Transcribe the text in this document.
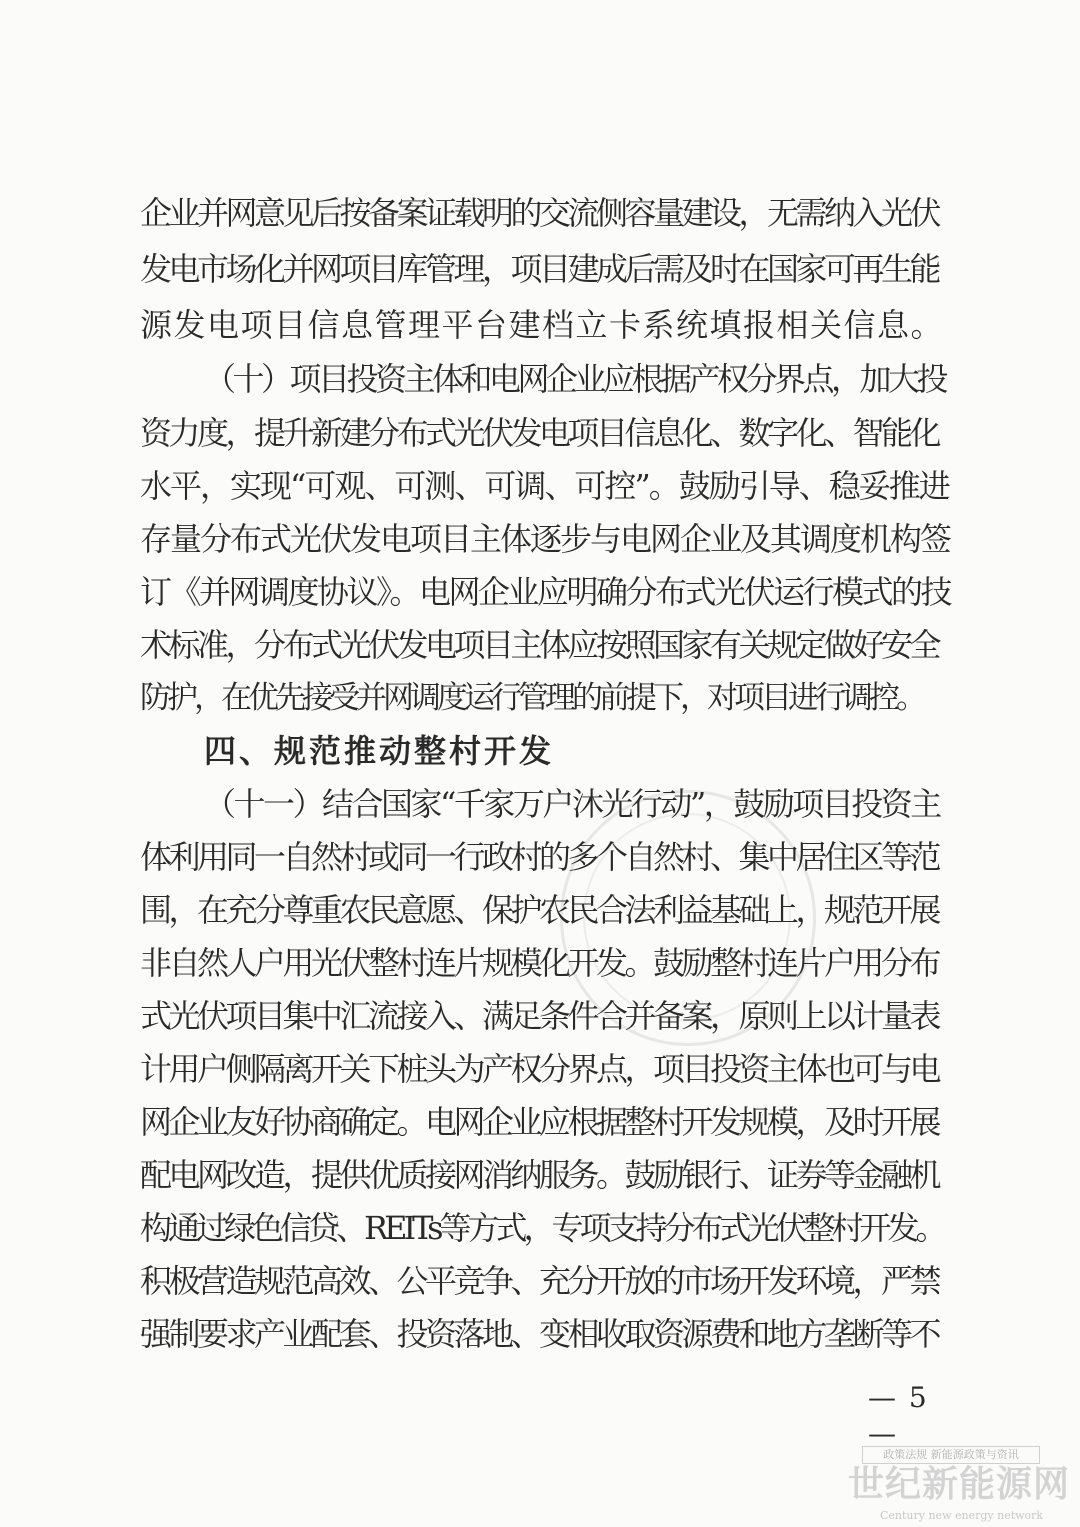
企业并网意见后按备案证载明的交流侧容量建设，无需纳入光伏
发电市场化并网项目库管理，项目建成后需及时在国家可再生能
源发电项目信息管理平台建档立卡系统填报相关信息。
（十）项目投资主体和电网企业应根据产权分界点，加大投
资力度，提升新建分布式光伏发电项目信息化、数字化、智能化
水平，实现“可观、可测、可调、可控”。鼓励引导、稳妥推进
存量分布式光伏发电项目主体逐步与电网企业及其调度机构签
订《并网调度协议》。电网企业应明确分布式光伏运行模式的技
术标准，分布式光伏发电项目主体应按照国家有关规定做好安全
防护，在优先接受并网调度运行管理的前提下，对项目进行调控。
四、规范推动整村开发
（十一）结合国家“千家万户沐光行动”，鼓励项目投资主
体利用同一自然村或同一行政村的多个自然村、集中居住区等范
围，在充分尊重农民意愿、保护农民合法利益基础上，规范开展
非自然人户用光伏整村连片规模化开发。鼓励整村连片户用分布
式光伏项目集中汇流接入、满足条件合并备案，原则上以计量表
计用户侧隔离开关下桩头为产权分界点，项目投资主体也可与电
网企业友好协商确定。电网企业应根据整村开发规模，及时开展
配电网改造，提供优质接网消纳服务。鼓励银行、证券等金融机
构通过绿色信贷、REITs等方式，专项支持分布式光伏整村开发。
积极营造规范高效、公平竞争、充分开放的市场开发环境，严禁
强制要求产业配套、投资落地、变相收取资源费和地方垄断等不
— 5 —
政策法规 新能源政策与资讯
世纪新能源网
Century new energy network
